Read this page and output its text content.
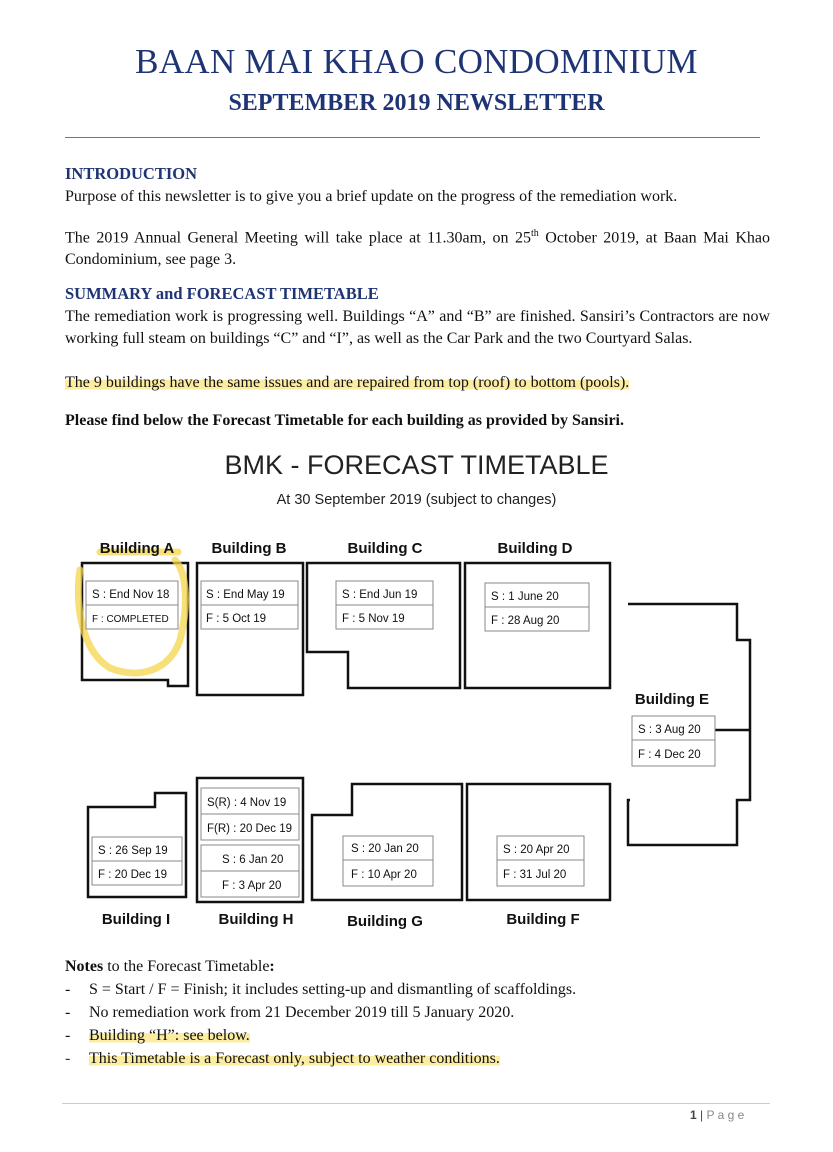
BAAN MAI KHAO CONDOMINIUM
SEPTEMBER 2019 NEWSLETTER
INTRODUCTION
Purpose of this newsletter is to give you a brief update on the progress of the remediation work.
The 2019 Annual General Meeting will take place at 11.30am, on 25th October 2019, at Baan Mai Khao Condominium, see page 3.
SUMMARY and FORECAST TIMETABLE
The remediation work is progressing well. Buildings “A” and “B” are finished. Sansiri’s Contractors are now working full steam on buildings “C” and “I”, as well as the Car Park and the two Courtyard Salas.
The 9 buildings have the same issues and are repaired from top (roof) to bottom (pools).
Please find below the Forecast Timetable for each building as provided by Sansiri.
BMK - FORECAST TIMETABLE
At 30 September 2019 (subject to changes)
Building A Building B	Building C	Building D
Building E
Building I	Building H	Building G	Building F
S : End Nov 18
F : COMPLETED
S : End May 19
F : 5 Oct 19
S : End Jun 19
F : 5 Nov 19
S : 1 June 20
F : 28 Aug 20
S : 3 Aug 20
F : 4 Dec 20
S : 26 Sep 19
F : 20 Dec 19
S(R) : 4 Nov 19
F(R) : 20 Dec 19
S : 6 Jan 20
F : 3 Apr 20
S : 20 Jan 20
F : 10 Apr 20
S : 20 Apr 20
F : 31 Jul 20
Notes to the Forecast Timetable:
- S = Start / F = Finish; it includes setting-up and dismantling of scaffoldings.
- No remediation work from 21 December 2019 till 5 January 2020.
- Building “H”: see below.
- This Timetable is a Forecast only, subject to weather conditions.
1 | P a g e
